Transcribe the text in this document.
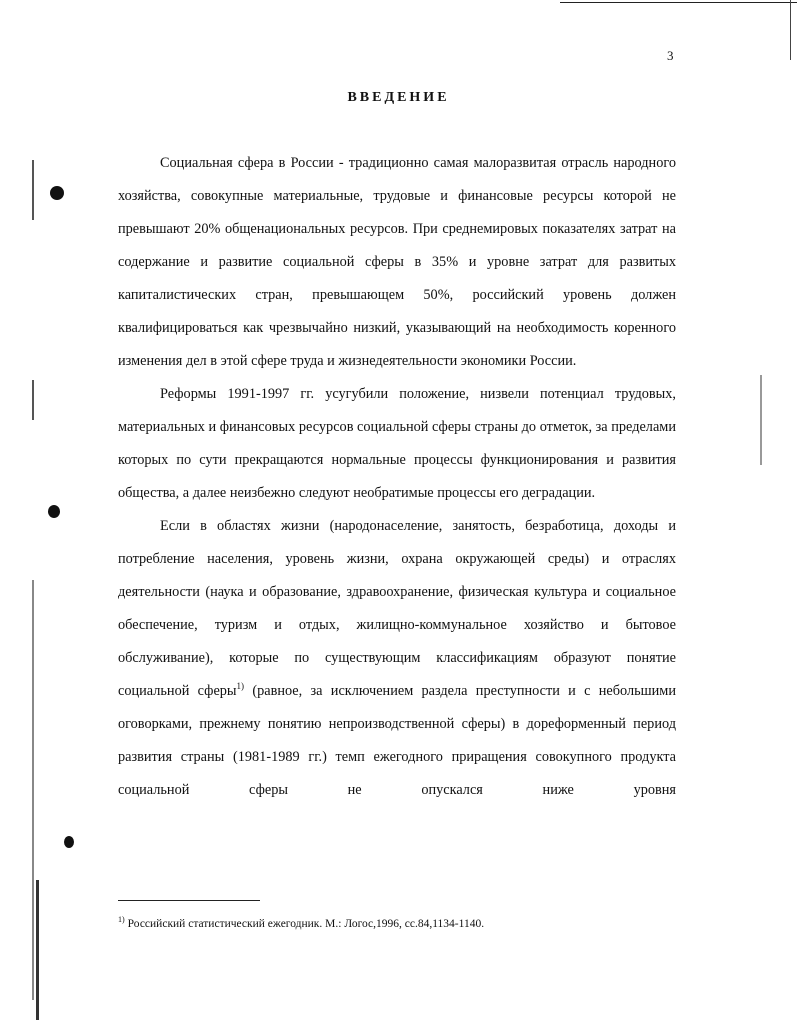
3
ВВЕДЕНИЕ

Социальная сфера в России - традиционно самая малоразвитая отрасль народного хозяйства, совокупные материальные, трудовые и финансовые ресурсы которой не превышают 20% общенациональных ресурсов. При среднемировых показателях затрат на содержание и развитие социальной сферы в 35% и уровне затрат для развитых капиталистических стран, превышающем 50%, российский уровень должен квалифицироваться как чрезвычайно низкий, указывающий на необходимость коренного изменения дел в этой сфере труда и жизнедеятельности экономики России.

Реформы 1991-1997 гг. усугубили положение, низвели потенциал трудовых, материальных и финансовых ресурсов социальной сферы страны до отметок, за пределами которых по сути прекращаются нормальные процессы функционирования и развития общества, а далее неизбежно следуют необратимые процессы его деградации.

Если в областях жизни (народонаселение, занятость, безработица, доходы и потребление населения, уровень жизни, охрана окружающей среды) и отраслях деятельности (наука и образование, здравоохранение, физическая культура и социальное обеспечение, туризм и отдых, жилищно-коммунальное хозяйство и бытовое обслуживание), которые по существующим классификациям образуют понятие социальной сферы$^{1)}$ (равное, за исключением раздела преступности и с небольшими оговорками, прежнему понятию непроизводственной сферы) в дореформенный период развития страны (1981-1989 гг.) темп ежегодного приращения совокупного продукта социальной сферы не опускался ниже уровня

$^{1)}$ Российский статистический ежегодник. М.: Логос,1996, сс.84,1134-1140.
